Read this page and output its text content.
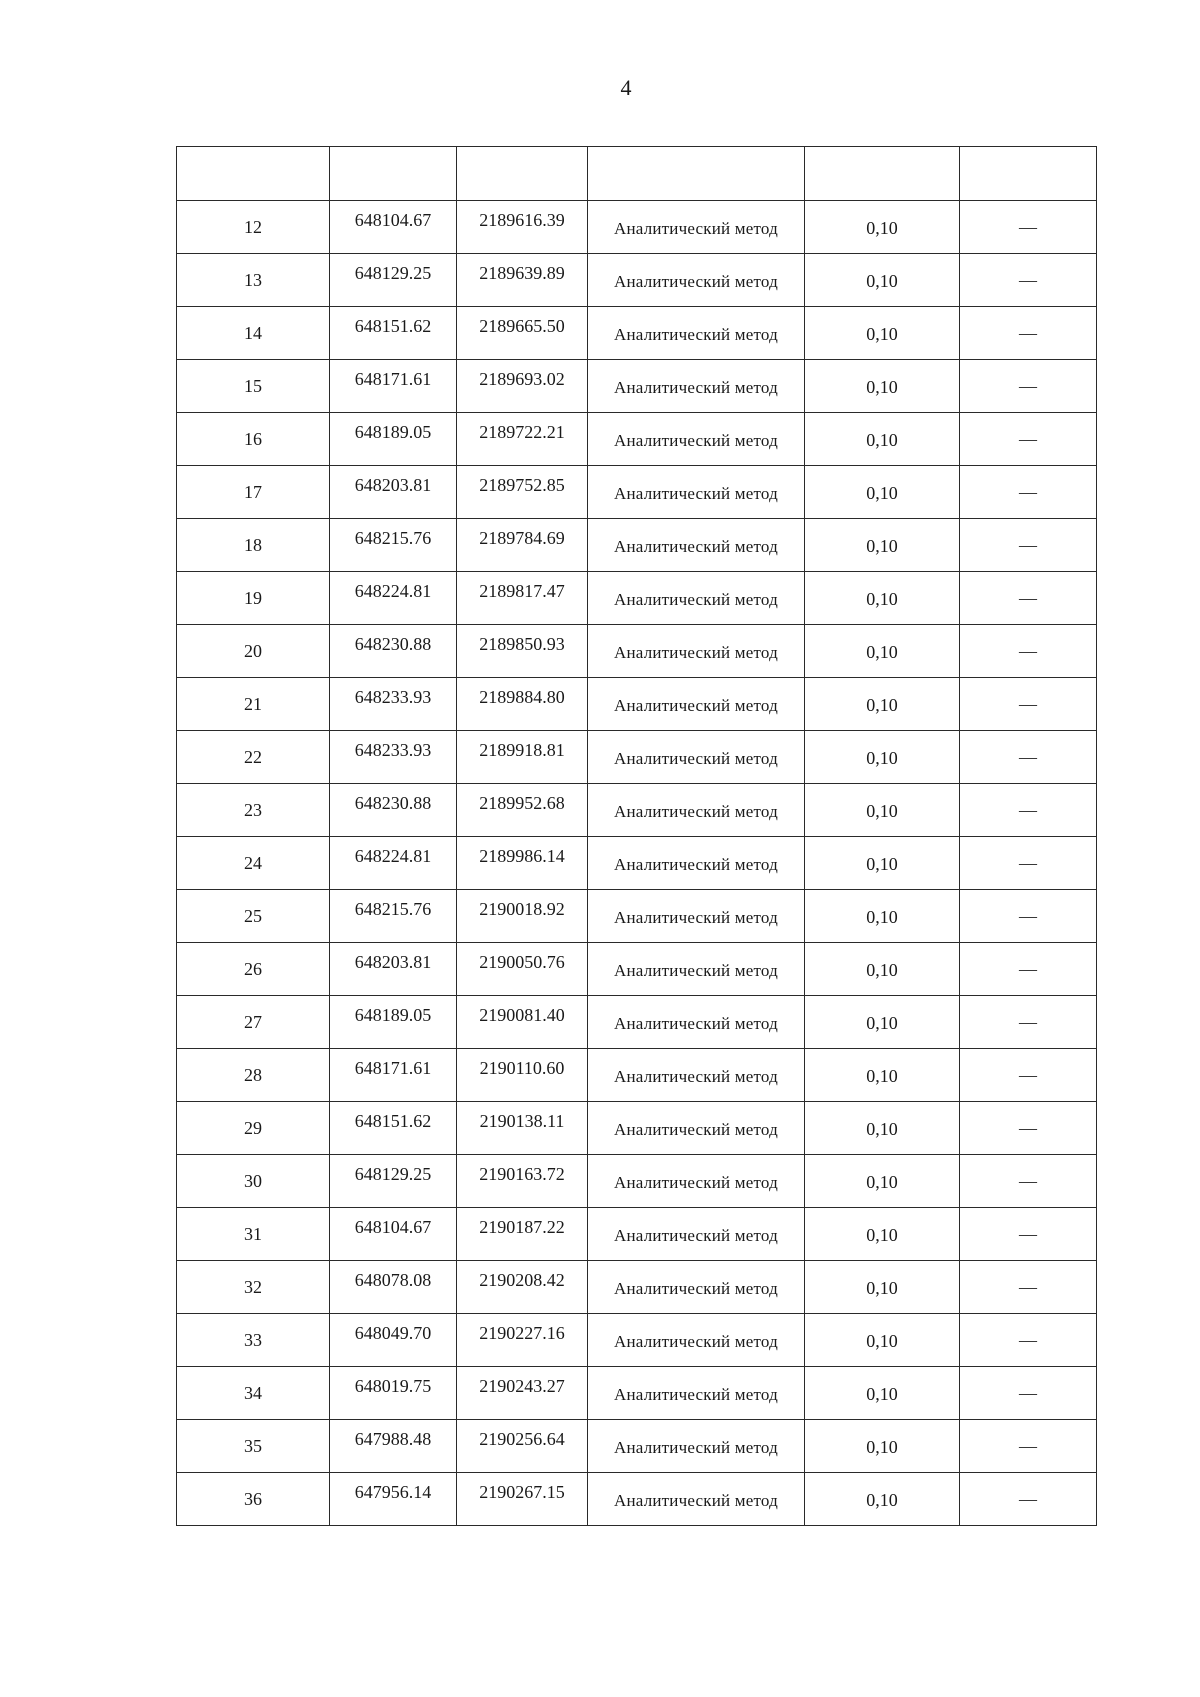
4

12	648104.67	2189616.39	Аналитический метод	0,10	—
13	648129.25	2189639.89	Аналитический метод	0,10	—
14	648151.62	2189665.50	Аналитический метод	0,10	—
15	648171.61	2189693.02	Аналитический метод	0,10	—
16	648189.05	2189722.21	Аналитический метод	0,10	—
17	648203.81	2189752.85	Аналитический метод	0,10	—
18	648215.76	2189784.69	Аналитический метод	0,10	—
19	648224.81	2189817.47	Аналитический метод	0,10	—
20	648230.88	2189850.93	Аналитический метод	0,10	—
21	648233.93	2189884.80	Аналитический метод	0,10	—
22	648233.93	2189918.81	Аналитический метод	0,10	—
23	648230.88	2189952.68	Аналитический метод	0,10	—
24	648224.81	2189986.14	Аналитический метод	0,10	—
25	648215.76	2190018.92	Аналитический метод	0,10	—
26	648203.81	2190050.76	Аналитический метод	0,10	—
27	648189.05	2190081.40	Аналитический метод	0,10	—
28	648171.61	2190110.60	Аналитический метод	0,10	—
29	648151.62	2190138.11	Аналитический метод	0,10	—
30	648129.25	2190163.72	Аналитический метод	0,10	—
31	648104.67	2190187.22	Аналитический метод	0,10	—
32	648078.08	2190208.42	Аналитический метод	0,10	—
33	648049.70	2190227.16	Аналитический метод	0,10	—
34	648019.75	2190243.27	Аналитический метод	0,10	—
35	647988.48	2190256.64	Аналитический метод	0,10	—
36	647956.14	2190267.15	Аналитический метод	0,10	—
